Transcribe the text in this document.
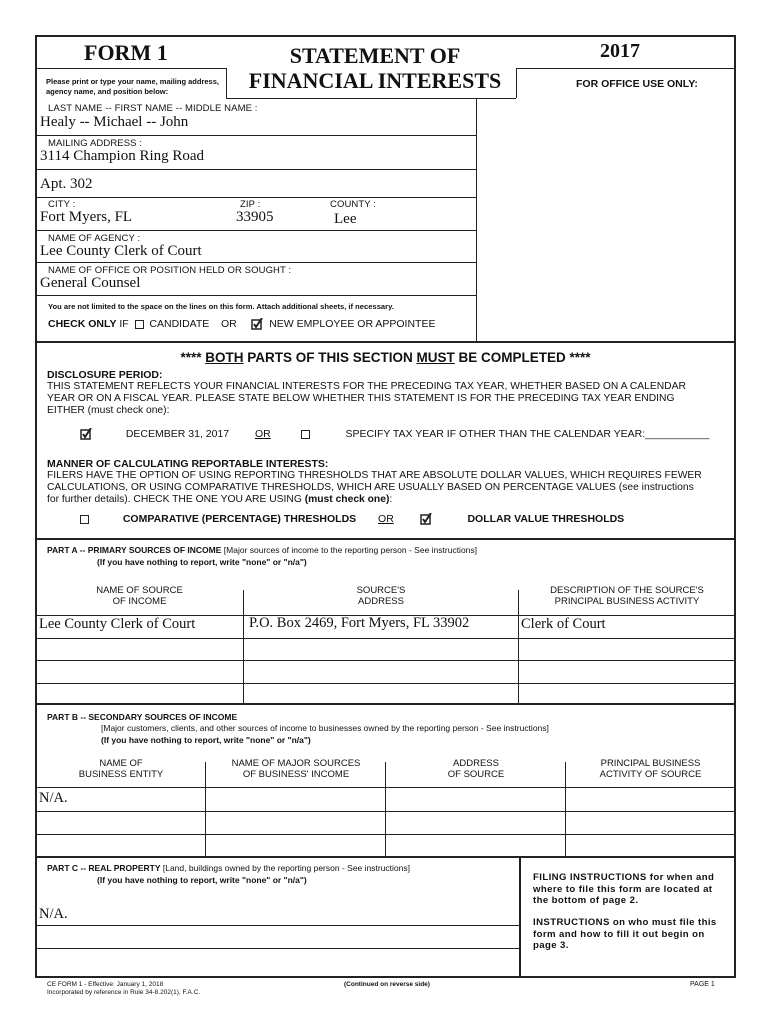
FORM 1
Please print or type your name, mailing address, agency name, and position below:
STATEMENT OF
FINANCIAL INTERESTS
2017
FOR OFFICE USE ONLY:
LAST NAME -- FIRST NAME -- MIDDLE NAME :
Healy -- Michael -- John
MAILING ADDRESS :
3114 Champion Ring Road
Apt. 302
CITY :
Fort Myers, FL
ZIP :
33905
COUNTY :
Lee
NAME OF AGENCY :
Lee County Clerk of Court
NAME OF OFFICE OR POSITION HELD OR SOUGHT :
General Counsel
You are not limited to the space on the lines on this form. Attach additional sheets, if necessary.
CHECK ONLY IF CANDIDATE OR	NEW EMPLOYEE OR APPOINTEE
**** BOTH PARTS OF THIS SECTION MUST BE COMPLETED ****
DISCLOSURE PERIOD:
THIS STATEMENT REFLECTS YOUR FINANCIAL INTERESTS FOR THE PRECEDING TAX YEAR, WHETHER BASED ON A CALENDAR
YEAR OR ON A FISCAL YEAR. PLEASE STATE BELOW WHETHER THIS STATEMENT IS FOR THE PRECEDING TAX YEAR ENDING
EITHER (must check one):
DECEMBER 31, 2017 OR	SPECIFY TAX YEAR IF OTHER THAN THE CALENDAR YEAR:___________
MANNER OF CALCULATING REPORTABLE INTERESTS:
FILERS HAVE THE OPTION OF USING REPORTING THRESHOLDS THAT ARE ABSOLUTE DOLLAR VALUES, WHICH REQUIRES FEWER
CALCULATIONS, OR USING COMPARATIVE THRESHOLDS, WHICH ARE USUALLY BASED ON PERCENTAGE VALUES (see instructions
for further details). CHECK THE ONE YOU ARE USING (must check one):
COMPARATIVE (PERCENTAGE) THRESHOLDS OR	DOLLAR VALUE THRESHOLDS
PART A -- PRIMARY SOURCES OF INCOME [Major sources of income to the reporting person - See instructions]
(If you have nothing to report, write "none" or "n/a")
NAME OF SOURCE
OF INCOME
SOURCE'S
ADDRESS
DESCRIPTION OF THE SOURCE'S
PRINCIPAL BUSINESS ACTIVITY
Lee County Clerk of Court	P.O. Box 2469, Fort Myers, FL 33902	Clerk of Court
PART B -- SECONDARY SOURCES OF INCOME
[Major customers, clients, and other sources of income to businesses owned by the reporting person - See instructions]
(If you have nothing to report, write "none" or "n/a")
NAME OF
BUSINESS ENTITY
NAME OF MAJOR SOURCES
OF BUSINESS' INCOME
ADDRESS
OF SOURCE
PRINCIPAL BUSINESS
ACTIVITY OF SOURCE
N/A.
PART C -- REAL PROPERTY [Land, buildings owned by the reporting person - See instructions]
(If you have nothing to report, write "none" or "n/a")
N/A.
FILING INSTRUCTIONS for when and where to file this form are located at the bottom of page 2.
INSTRUCTIONS on who must file this form and how to fill it out begin on page 3.
CE FORM 1 - Effective: January 1, 2018
Incorporated by reference in Rule 34-8.202(1), F.A.C.
(Continued on reverse side)	PAGE 1
